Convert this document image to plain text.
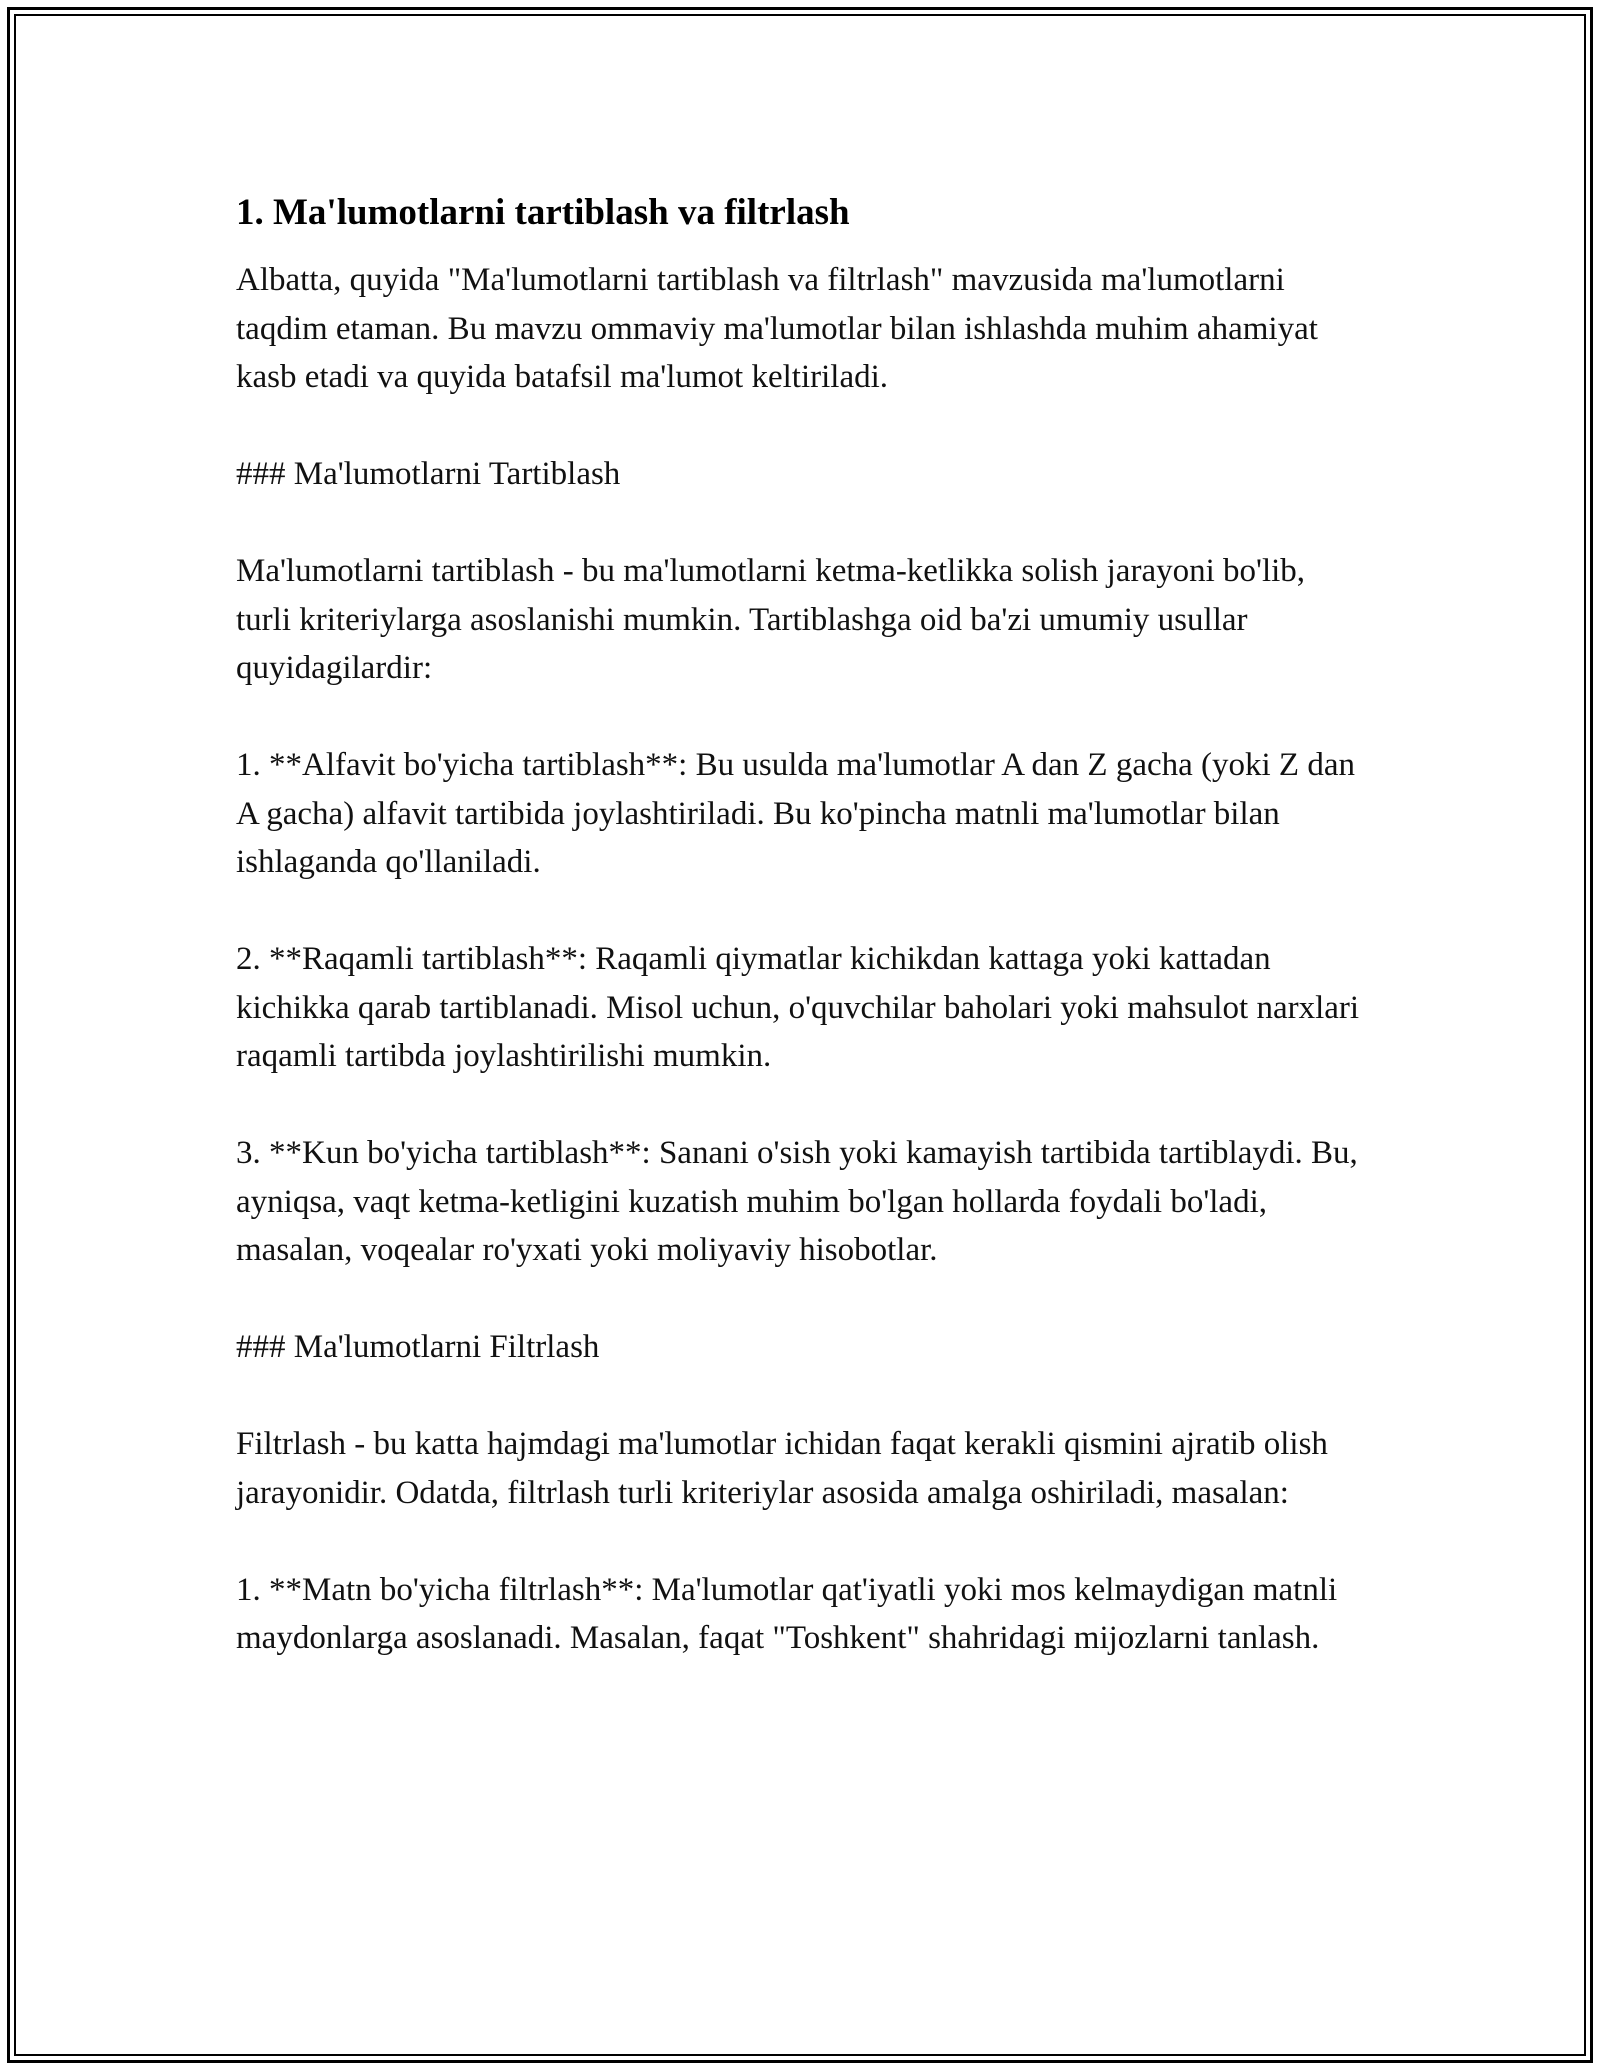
1. Ma'lumotlarni tartiblash va filtrlash

Albatta, quyida "Ma'lumotlarni tartiblash va filtrlash" mavzusida ma'lumotlarni taqdim etaman. Bu mavzu ommaviy ma'lumotlar bilan ishlashda muhim ahamiyat kasb etadi va quyida batafsil ma'lumot keltiriladi.

### Ma'lumotlarni Tartiblash

Ma'lumotlarni tartiblash - bu ma'lumotlarni ketma-ketlikka solish jarayoni bo'lib, turli kriteriylarga asoslanishi mumkin. Tartiblashga oid ba'zi umumiy usullar quyidagilardir:

1. **Alfavit bo'yicha tartiblash**: Bu usulda ma'lumotlar A dan Z gacha (yoki Z dan A gacha) alfavit tartibida joylashtiriladi. Bu ko'pincha matnli ma'lumotlar bilan ishlaganda qo'llaniladi.

2. **Raqamli tartiblash**: Raqamli qiymatlar kichikdan kattaga yoki kattadan kichikka qarab tartiblanadi. Misol uchun, o'quvchilar baholari yoki mahsulot narxlari raqamli tartibda joylashtirilishi mumkin.

3. **Kun bo'yicha tartiblash**: Sanani o'sish yoki kamayish tartibida tartiblaydi. Bu, ayniqsa, vaqt ketma-ketligini kuzatish muhim bo'lgan hollarda foydali bo'ladi, masalan, voqealar ro'yxati yoki moliyaviy hisobotlar.

### Ma'lumotlarni Filtrlash

Filtrlash - bu katta hajmdagi ma'lumotlar ichidan faqat kerakli qismini ajratib olish jarayonidir. Odatda, filtrlash turli kriteriylar asosida amalga oshiriladi, masalan:

1. **Matn bo'yicha filtrlash**: Ma'lumotlar qat'iyatli yoki mos kelmaydigan matnli maydonlarga asoslanadi. Masalan, faqat "Toshkent" shahridagi mijozlarni tanlash.
